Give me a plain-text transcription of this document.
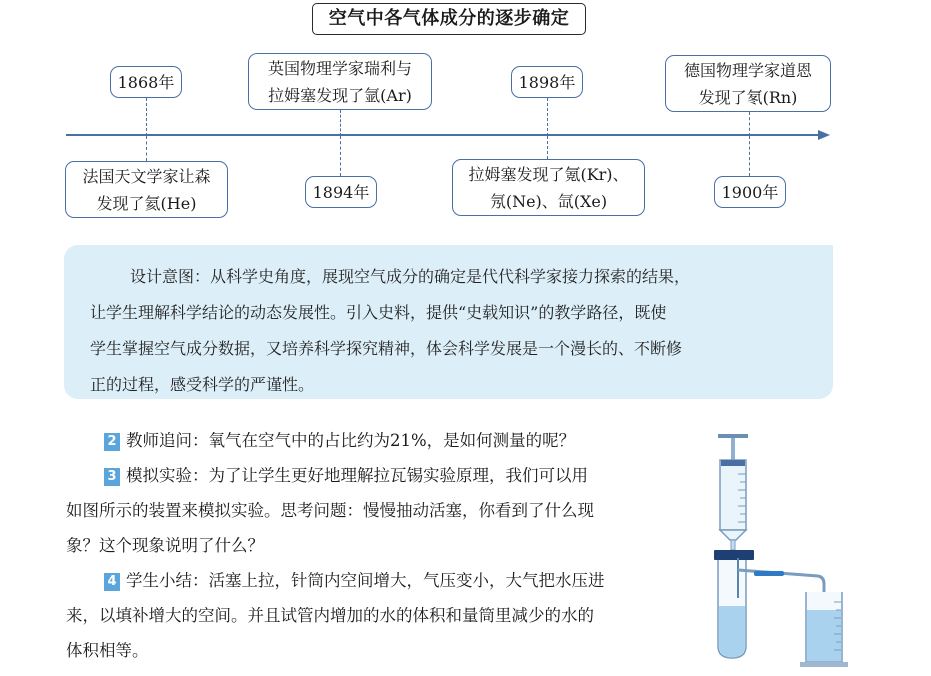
空气中各气体成分的逐步确定
1868年
英国物理学家瑞利与
拉姆塞发现了氩(Ar)
1898年
德国物理学家道恩
发现了氡(Rn)
法国天文学家让森
发现了氦(He)
1894年
拉姆塞发现了氪(Kr)、
氖(Ne)、氙(Xe)	1900年
设计意图：从科学史角度，展现空气成分的确定是代代科学家接力探索的结果，
让学生理解科学结论的动态发展性。引入史料，提供“史载知识”的教学路径，既使
学生掌握空气成分数据，又培养科学探究精神，体会科学发展是一个漫长的、不断修
正的过程，感受科学的严谨性。
2 教师追问：氧气在空气中的占比约为21%，是如何测量的呢？
3 模拟实验：为了让学生更好地理解拉瓦锡实验原理，我们可以用
如图所示的装置来模拟实验。思考问题：慢慢抽动活塞，你看到了什么现
象？这个现象说明了什么？
4 学生小结：活塞上拉，针筒内空间增大，气压变小，大气把水压进
来，以填补增大的空间。并且试管内增加的水的体积和量筒里减少的水的
体积相等。
